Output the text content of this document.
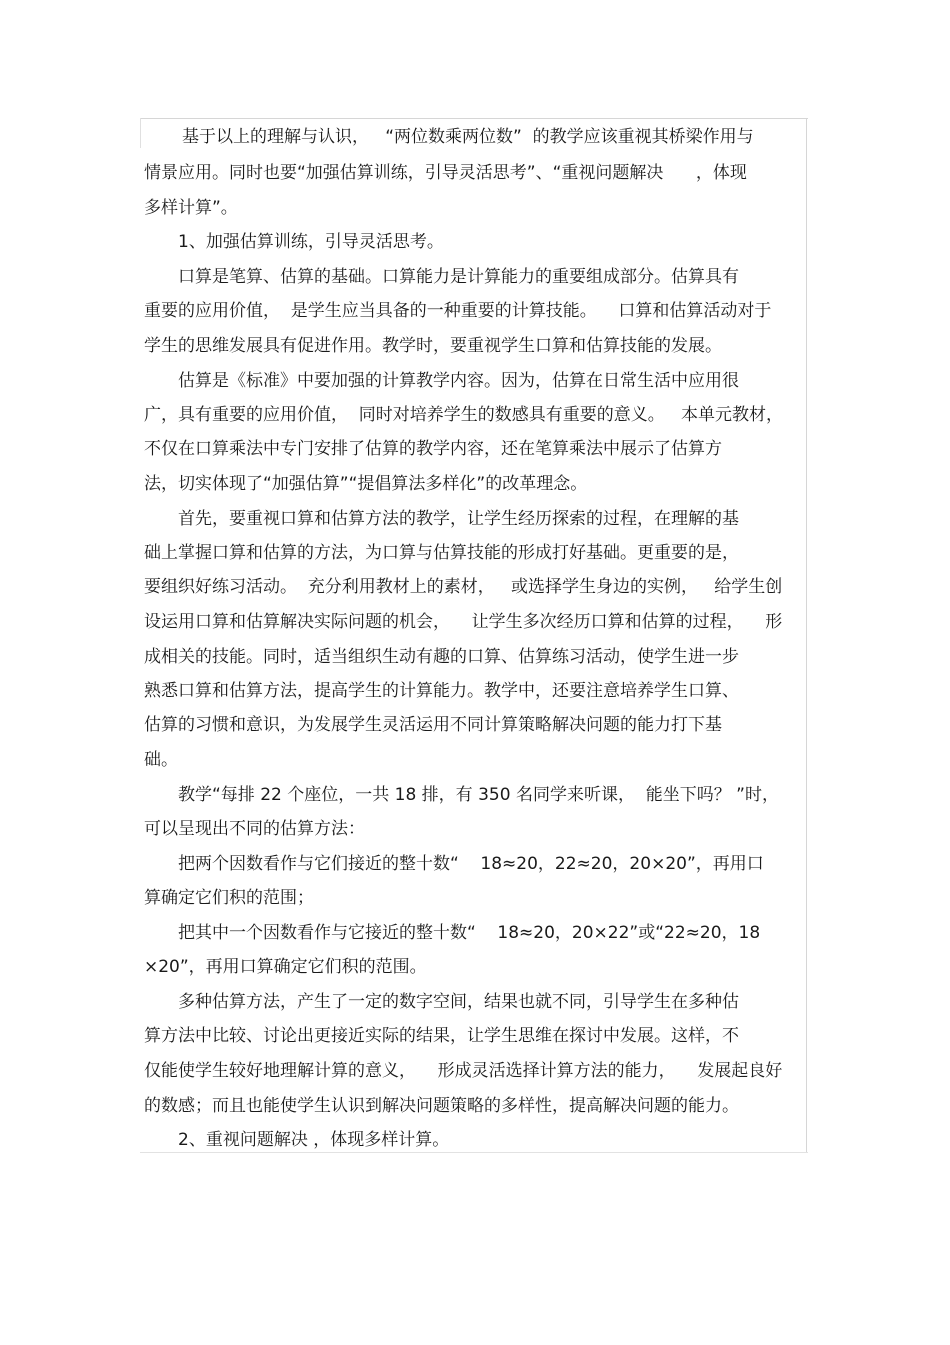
基于以上的理解与认识，   “两位数乘两位数”  的教学应该重视其桥梁作用与
情景应用。同时也要“加强估算训练，引导灵活思考”、“重视问题解决      ，体现
多样计算”。
1、加强估算训练，引导灵活思考。
口算是笔算、估算的基础。口算能力是计算能力的重要组成部分。估算具有
重要的应用价值，  是学生应当具备的一种重要的计算技能。    口算和估算活动对于
学生的思维发展具有促进作用。教学时，要重视学生口算和估算技能的发展。
估算是《标准》中要加强的计算教学内容。因为，估算在日常生活中应用很
广，具有重要的应用价值，  同时对培养学生的数感具有重要的意义。   本单元教材，
不仅在口算乘法中专门安排了估算的教学内容，还在笔算乘法中展示了估算方
法，切实体现了“加强估算”“提倡算法多样化”的改革理念。
首先，要重视口算和估算方法的教学，让学生经历探索的过程，在理解的基
础上掌握口算和估算的方法，为口算与估算技能的形成打好基础。更重要的是，
要组织好练习活动。  充分利用教材上的素材，   或选择学生身边的实例，   给学生创
设运用口算和估算解决实际问题的机会，    让学生多次经历口算和估算的过程，    形
成相关的技能。同时，适当组织生动有趣的口算、估算练习活动，使学生进一步
熟悉口算和估算方法，提高学生的计算能力。教学中，还要注意培养学生口算、
估算的习惯和意识，为发展学生灵活运用不同计算策略解决问题的能力打下基
础。
教学“每排 22 个座位，一共 18 排，有 350 名同学来听课，  能坐下吗？ ”时，
可以呈现出不同的估算方法：
把两个因数看作与它们接近的整十数“    18≈20，22≈20，20×20”，再用口
算确定它们积的范围；
把其中一个因数看作与它接近的整十数“    18≈20，20×22”或“22≈20，18
×20”，再用口算确定它们积的范围。
多种估算方法，产生了一定的数字空间，结果也就不同，引导学生在多种估
算方法中比较、讨论出更接近实际的结果，让学生思维在探讨中发展。这样，不
仅能使学生较好地理解计算的意义，    形成灵活选择计算方法的能力，    发展起良好
的数感；而且也能使学生认识到解决问题策略的多样性，提高解决问题的能力。
2、重视问题解决 ，体现多样计算。
